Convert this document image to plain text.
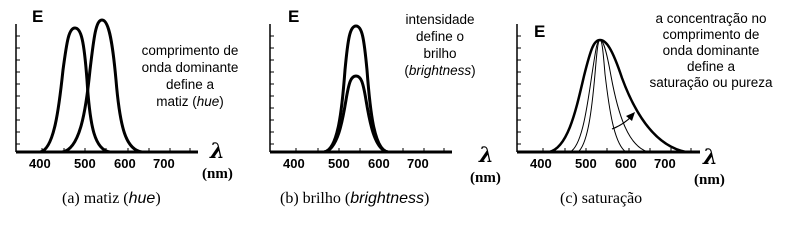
E	E
E
400 500 600 700	400 500 600 700	400 500 600 700
λ
(nm)
λ
(nm)
λ
(nm)
comprimento de
onda dominante
define a
matiz (hue)
intensidade
define o
brilho
(brightness)
a concentração no
comprimento de
onda dominante
define a
saturação ou pureza
(a) matiz (hue)	(b) brilho (brightness)	(c) saturação
